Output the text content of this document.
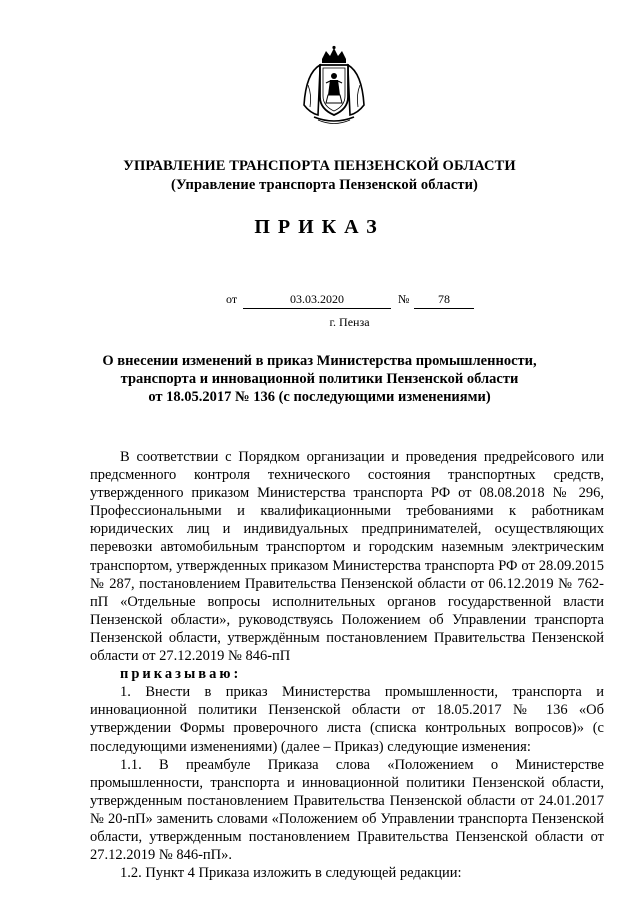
УПРАВЛЕНИЕ ТРАНСПОРТА ПЕНЗЕНСКОЙ ОБЛАСТИ
(Управление транспорта Пензенской области)
ПРИКАЗ
от	03.03.2020	№	78
г. Пенза
О внесении изменений в приказ Министерства промышленности,
транспорта и инновационной политики Пензенской области
от 18.05.2017 № 136 (с последующими изменениями)

В соответствии с Порядком организации и проведения предрейсового или предсменного контроля технического состояния транспортных средств, утвержденного приказом Министерства транспорта РФ от 08.08.2018 № 296, Профессиональными и квалификационными требованиями к работникам юридических лиц и индивидуальных предпринимателей, осуществляющих перевозки автомобильным транспортом и городским наземным электрическим транспортом, утвержденных приказом Министерства транспорта РФ от 28.09.2015 № 287, постановлением Правительства Пензенской области от 06.12.2019 № 762-пП «Отдельные вопросы исполнительных органов государственной власти Пензенской области», руководствуясь Положением об Управлении транспорта Пензенской области, утверждённым постановлением Правительства Пензенской области от 27.12.2019 № 846-пП

приказываю:

1. Внести в приказ Министерства промышленности, транспорта и инновационной политики Пензенской области от 18.05.2017 № 136 «Об утверждении Формы проверочного листа (списка контрольных вопросов)» (с последующими изменениями) (далее – Приказ) следующие изменения:

1.1. В преамбуле Приказа слова «Положением о Министерстве промышленности, транспорта и инновационной политики Пензенской области, утвержденным постановлением Правительства Пензенской области от 24.01.2017 № 20-пП» заменить словами «Положением об Управлении транспорта Пензенской области, утвержденным постановлением Правительства Пензенской области от 27.12.2019 № 846-пП».

1.2. Пункт 4 Приказа изложить в следующей редакции:
